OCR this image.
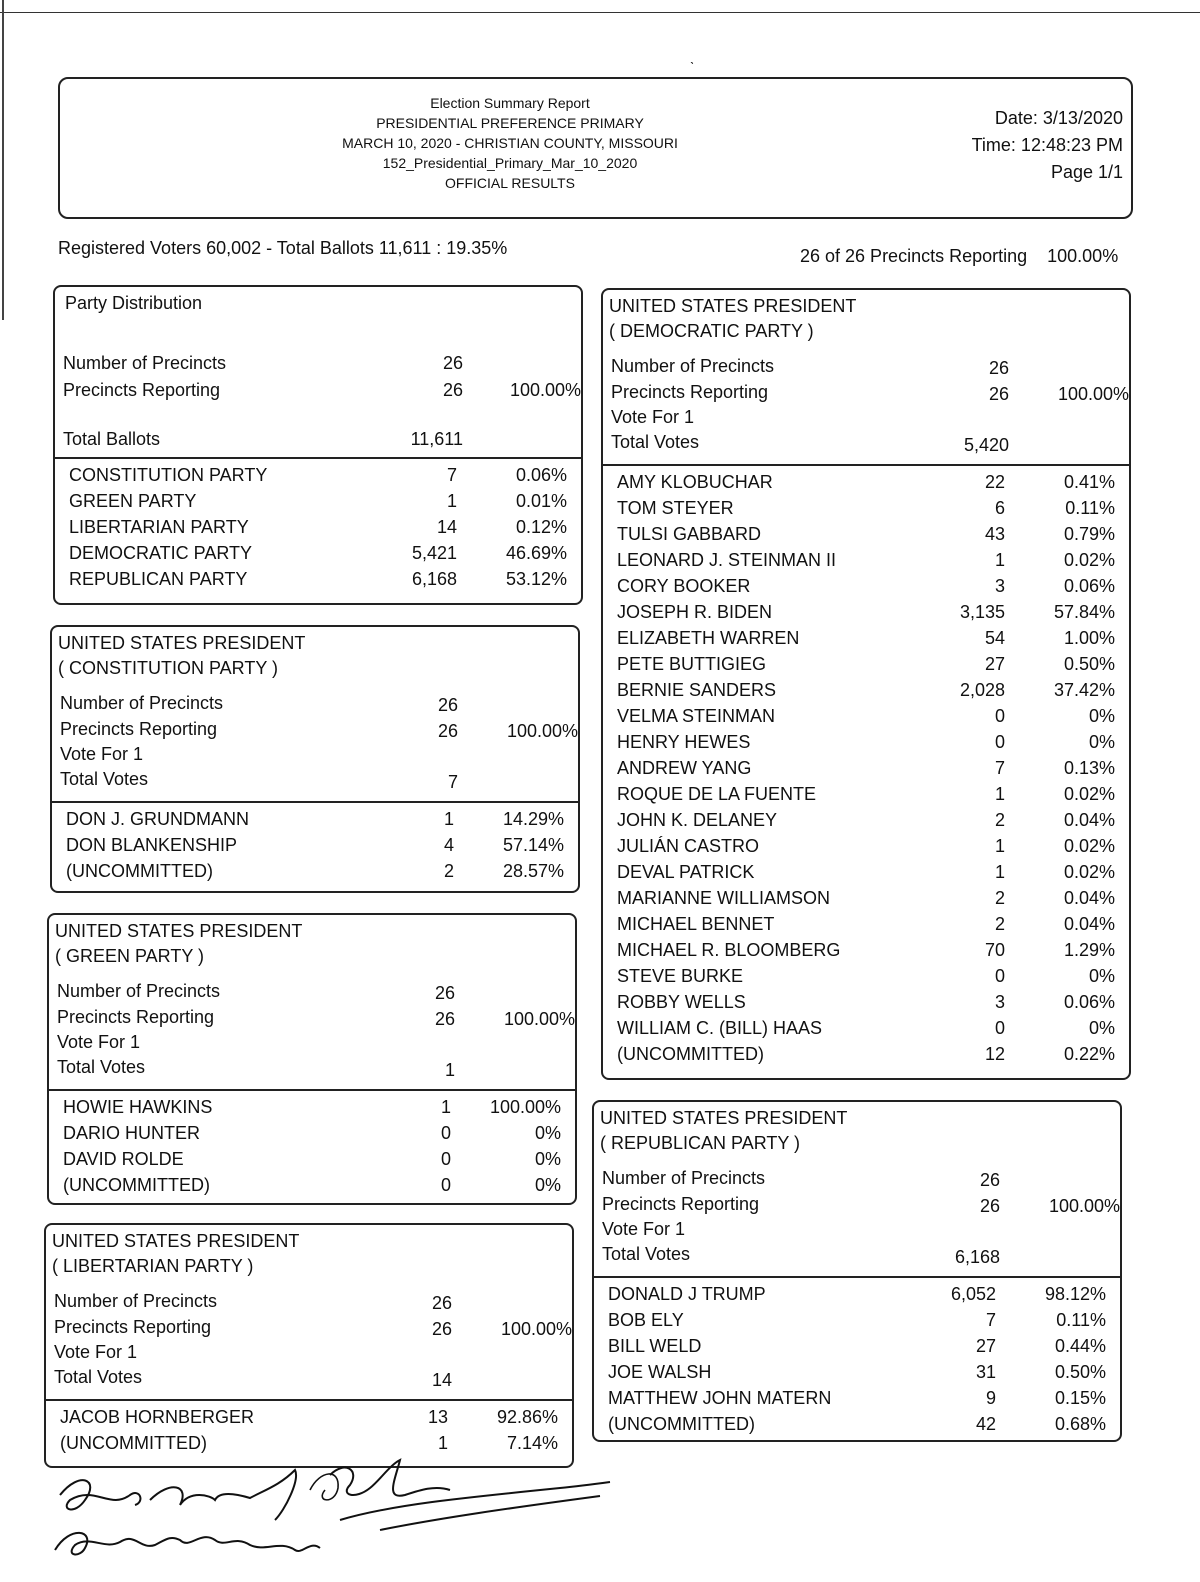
ˎ
Election Summary Report
PRESIDENTIAL PREFERENCE PRIMARY
MARCH 10, 2020 - CHRISTIAN COUNTY, MISSOURI
152_Presidential_Primary_Mar_10_2020
OFFICIAL RESULTS
Date: 3/13/2020
Time: 12:48:23 PM
Page 1/1
Registered Voters 60,002 - Total Ballots 11,611 : 19.35%	26 of 26 Precincts Reporting 100.00%
Party Distribution
Number of Precincts	26
Precincts Reporting	26	100.00%
Total Ballots	11,611
CONSTITUTION PARTY	7	0.06%
GREEN PARTY	1	0.01%
LIBERTARIAN PARTY	14	0.12%
DEMOCRATIC PARTY	5,421	46.69%
REPUBLICAN PARTY	6,168	53.12%
UNITED STATES PRESIDENT
( CONSTITUTION PARTY )
Number of Precincts	26
Precincts Reporting	26	100.00%
Vote For 1
Total Votes	7
DON J. GRUNDMANN	1	14.29%
DON BLANKENSHIP	4	57.14%
(UNCOMMITTED)	2	28.57%
UNITED STATES PRESIDENT
( GREEN PARTY )
Number of Precincts	26
Precincts Reporting	26	100.00%
Vote For 1
Total Votes	1
HOWIE HAWKINS	1	100.00%
DARIO HUNTER	0	0%
DAVID ROLDE	0	0%
(UNCOMMITTED)	0	0%
UNITED STATES PRESIDENT
( LIBERTARIAN PARTY )
Number of Precincts	26
Precincts Reporting	26	100.00%
Vote For 1
Total Votes	14
JACOB HORNBERGER	13	92.86%
(UNCOMMITTED)	1	7.14%
UNITED STATES PRESIDENT
( DEMOCRATIC PARTY )
Number of Precincts	26
Precincts Reporting	26	100.00%
Vote For 1
Total Votes	5,420
AMY KLOBUCHAR	22	0.41%
TOM STEYER	6	0.11%
TULSI GABBARD	43	0.79%
LEONARD J. STEINMAN II	1	0.02%
CORY BOOKER	3	0.06%
JOSEPH R. BIDEN	3,135	57.84%
ELIZABETH WARREN	54	1.00%
PETE BUTTIGIEG	27	0.50%
BERNIE SANDERS	2,028	37.42%
VELMA STEINMAN	0	0%
HENRY HEWES	0	0%
ANDREW YANG	7	0.13%
ROQUE DE LA FUENTE	1	0.02%
JOHN K. DELANEY	2	0.04%
JULIÁN CASTRO	1	0.02%
DEVAL PATRICK	1	0.02%
MARIANNE WILLIAMSON	2	0.04%
MICHAEL BENNET	2	0.04%
MICHAEL R. BLOOMBERG	70	1.29%
STEVE BURKE	0	0%
ROBBY WELLS	3	0.06%
WILLIAM C. (BILL) HAAS	0	0%
(UNCOMMITTED)	12	0.22%
UNITED STATES PRESIDENT
( REPUBLICAN PARTY )
Number of Precincts	26
Precincts Reporting	26	100.00%
Vote For 1
Total Votes	6,168
DONALD J TRUMP	6,052	98.12%
BOB ELY	7	0.11%
BILL WELD	27	0.44%
JOE WALSH	31	0.50%
MATTHEW JOHN MATERN	9	0.15%
(UNCOMMITTED)	42	0.68%
